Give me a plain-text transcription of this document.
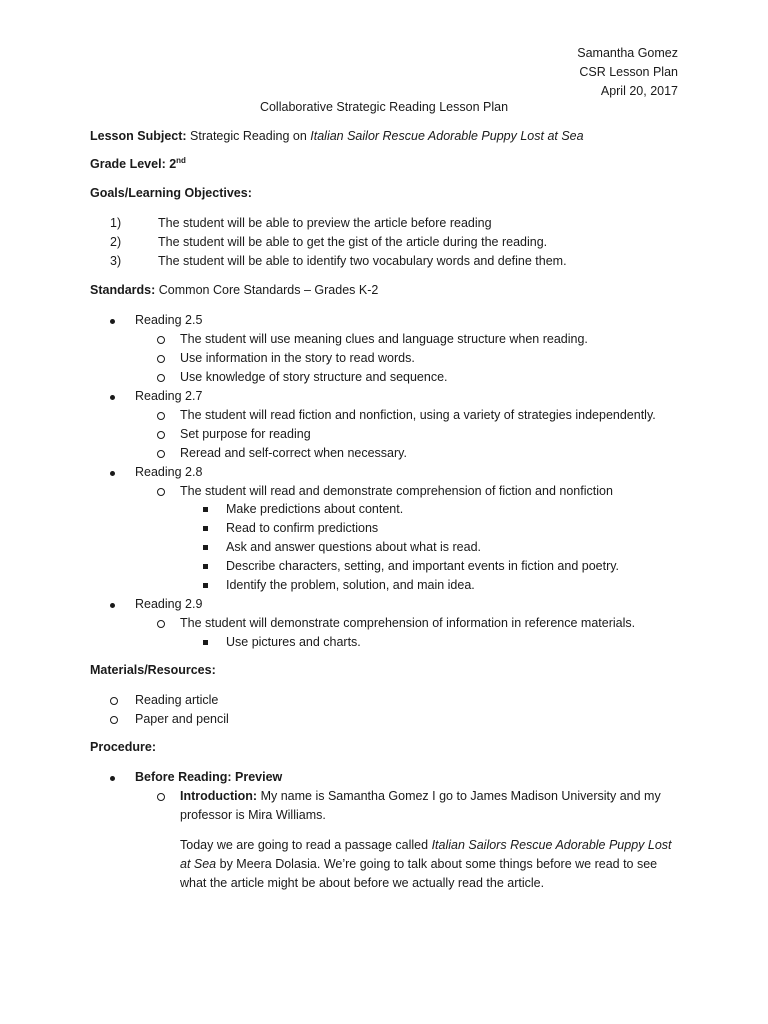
Samantha Gomez
CSR Lesson Plan
April 20, 2017
Collaborative Strategic Reading Lesson Plan
Lesson Subject: Strategic Reading on Italian Sailor Rescue Adorable Puppy Lost at Sea
Grade Level: 2nd
Goals/Learning Objectives:
1)	The student will be able to preview the article before reading
2)	The student will be able to get the gist of the article during the reading.
3)	The student will be able to identify two vocabulary words and define them.
Standards: Common Core Standards – Grades K-2
Reading 2.5
The student will use meaning clues and language structure when reading.
Use information in the story to read words.
Use knowledge of story structure and sequence.
Reading 2.7
The student will read fiction and nonfiction, using a variety of strategies independently.
Set purpose for reading
Reread and self-correct when necessary.
Reading 2.8
The student will read and demonstrate comprehension of fiction and nonfiction
Make predictions about content.
Read to confirm predictions
Ask and answer questions about what is read.
Describe characters, setting, and important events in fiction and poetry.
Identify the problem, solution, and main idea.
Reading 2.9
The student will demonstrate comprehension of information in reference materials.
Use pictures and charts.
Materials/Resources:
Reading article
Paper and pencil
Procedure:
Before Reading: Preview
Introduction: My name is Samantha Gomez I go to James Madison University and my
professor is Mira Williams.
Today we are going to read a passage called Italian Sailors Rescue Adorable Puppy Lost at Sea by Meera Dolasia. We’re going to talk about some things before we read to see what the article might be about before we actually read the article.
